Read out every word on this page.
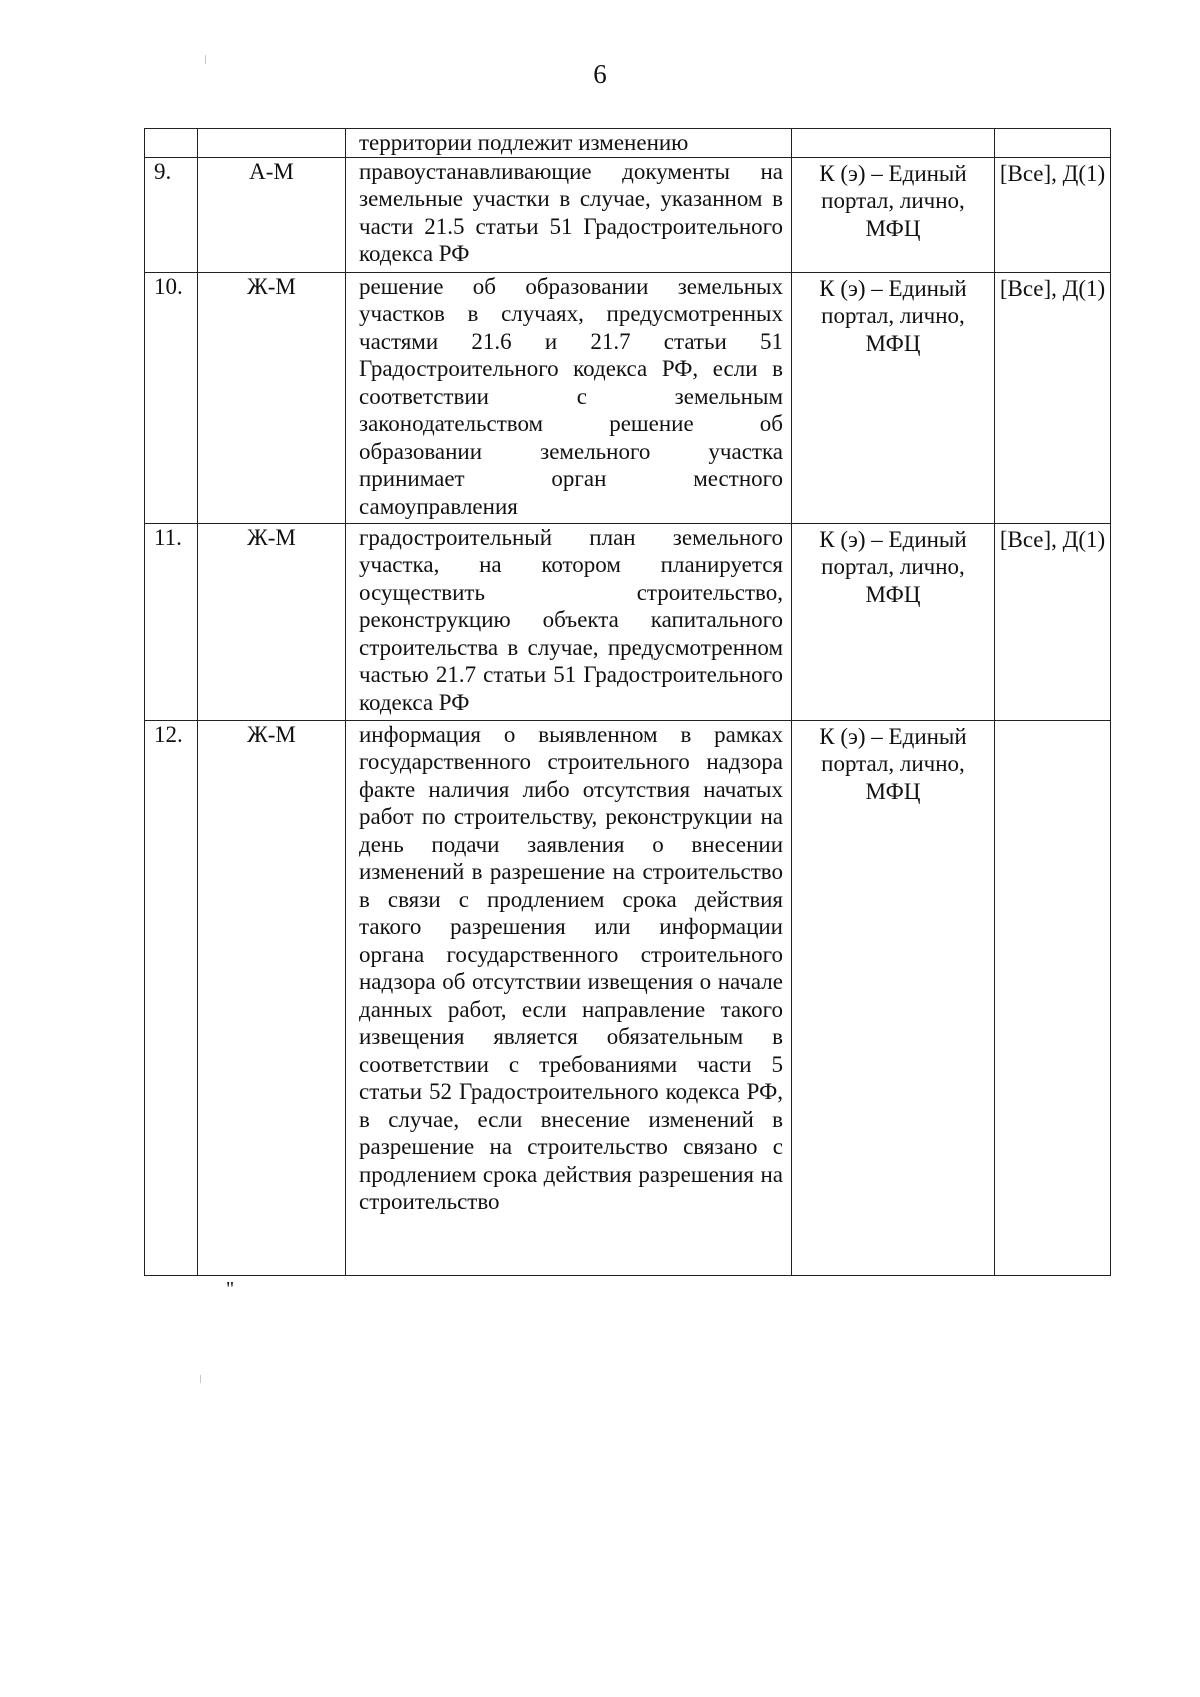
6
		территории подлежит изменению		
9.	А-М	правоустанавливающие документы на земельные участки в случае, указанном в части 21.5 статьи 51 Градостроительного кодекса РФ	К (э) – Единый портал, лично, МФЦ	[Все], Д(1)
10.	Ж-М	решение об образовании земельных участков в случаях, предусмотренных частями 21.6 и 21.7 статьи 51 Градостроительного кодекса РФ, если в соответствии с земельным законодательством решение об образовании земельного участка принимает орган местного самоуправления	К (э) – Единый портал, лично, МФЦ	[Все], Д(1)
11.	Ж-М	градостроительный план земельного участка, на котором планируется осуществить строительство, реконструкцию объекта капитального строительства в случае, предусмотренном частью 21.7 статьи 51 Градостроительного кодекса РФ	К (э) – Единый портал, лично, МФЦ	[Все], Д(1)
12.	Ж-М	информация о выявленном в рамках государственного строительного надзора факте наличия либо отсутствия начатых работ по строительству, реконструкции на день подачи заявления о внесении изменений в разрешение на строительство в связи с продлением срока действия такого разрешения или информации органа государственного строительного надзора об отсутствии извещения о начале данных работ, если направление такого извещения является обязательным в соответствии с требованиями части 5 статьи 52 Градостроительного кодекса РФ, в случае, если внесение изменений в разрешение на строительство связано с продлением срока действия разрешения на строительство	К (э) – Единый портал, лично, МФЦ	
"
